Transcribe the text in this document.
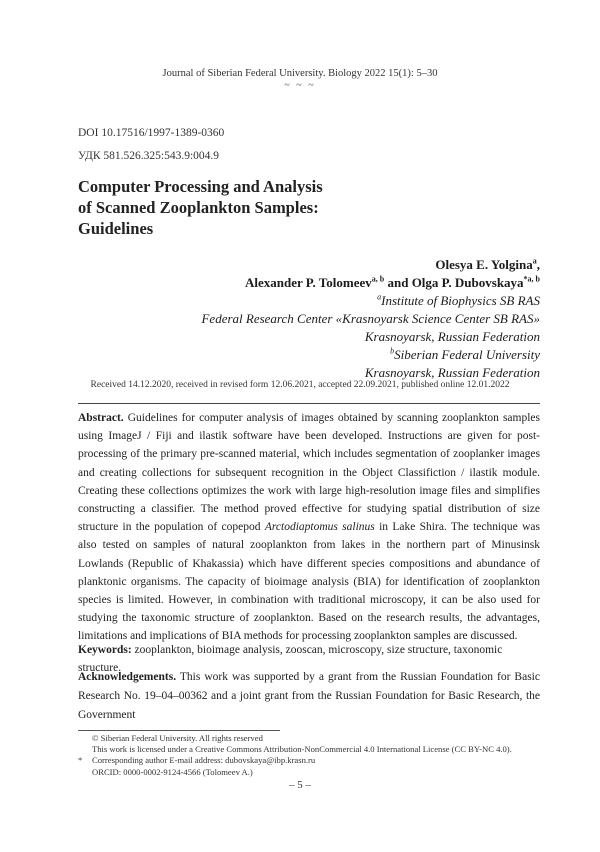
Journal of Siberian Federal University. Biology 2022 15(1): 5–30
~ ~ ~
DOI 10.17516/1997-1389-0360
УДК 581.526.325:543.9:004.9
Computer Processing and Analysis
of Scanned Zooplankton Samples:
Guidelines
Olesya E. Yolgina$^a$,
Alexander P. Tolomeev$^{a, b}$ and Olga P. Dubovskaya$^{*a, b}$
$^a$Institute of Biophysics SB RAS
Federal Research Center «Krasnoyarsk Science Center SB RAS»
Krasnoyarsk, Russian Federation
$^b$Siberian Federal University
Krasnoyarsk, Russian Federation
Received 14.12.2020, received in revised form 12.06.2021, accepted 22.09.2021, published online 12.01.2022
Abstract. Guidelines for computer analysis of images obtained by scanning zooplankton samples using ImageJ / Fiji and ilastik software have been developed. Instructions are given for post-processing of the primary pre-scanned material, which includes segmentation of zooplanker images and creating collections for subsequent recognition in the Object Classifiction / ilastik module. Creating these collections optimizes the work with large high-resolution image files and simplifies constructing a classifier. The method proved effective for studying spatial distribution of size structure in the population of copepod Arctodiaptomus salinus in Lake Shira. The technique was also tested on samples of natural zooplankton from lakes in the northern part of Minusinsk Lowlands (Republic of Khakassia) which have different species compositions and abundance of planktonic organisms. The capacity of bioimage analysis (BIA) for identification of zooplankton species is limited. However, in combination with traditional microscopy, it can be also used for studying the taxonomic structure of zooplankton. Based on the research results, the advantages, limitations and implications of BIA methods for processing zooplankton samples are discussed.
Keywords: zooplankton, bioimage analysis, zooscan, microscopy, size structure, taxonomic structure.
Acknowledgements. This work was supported by a grant from the Russian Foundation for Basic Research No. 19–04–00362 and a joint grant from the Russian Foundation for Basic Research, the Government
© Siberian Federal University. All rights reserved
This work is licensed under a Creative Commons Attribution-NonCommercial 4.0 International License (CC BY-NC 4.0).
* Corresponding author E-mail address: dubovskaya@ibp.krasn.ru
ORCID: 0000-0002-9124-4566 (Tolomeev A.)
– 5 –
